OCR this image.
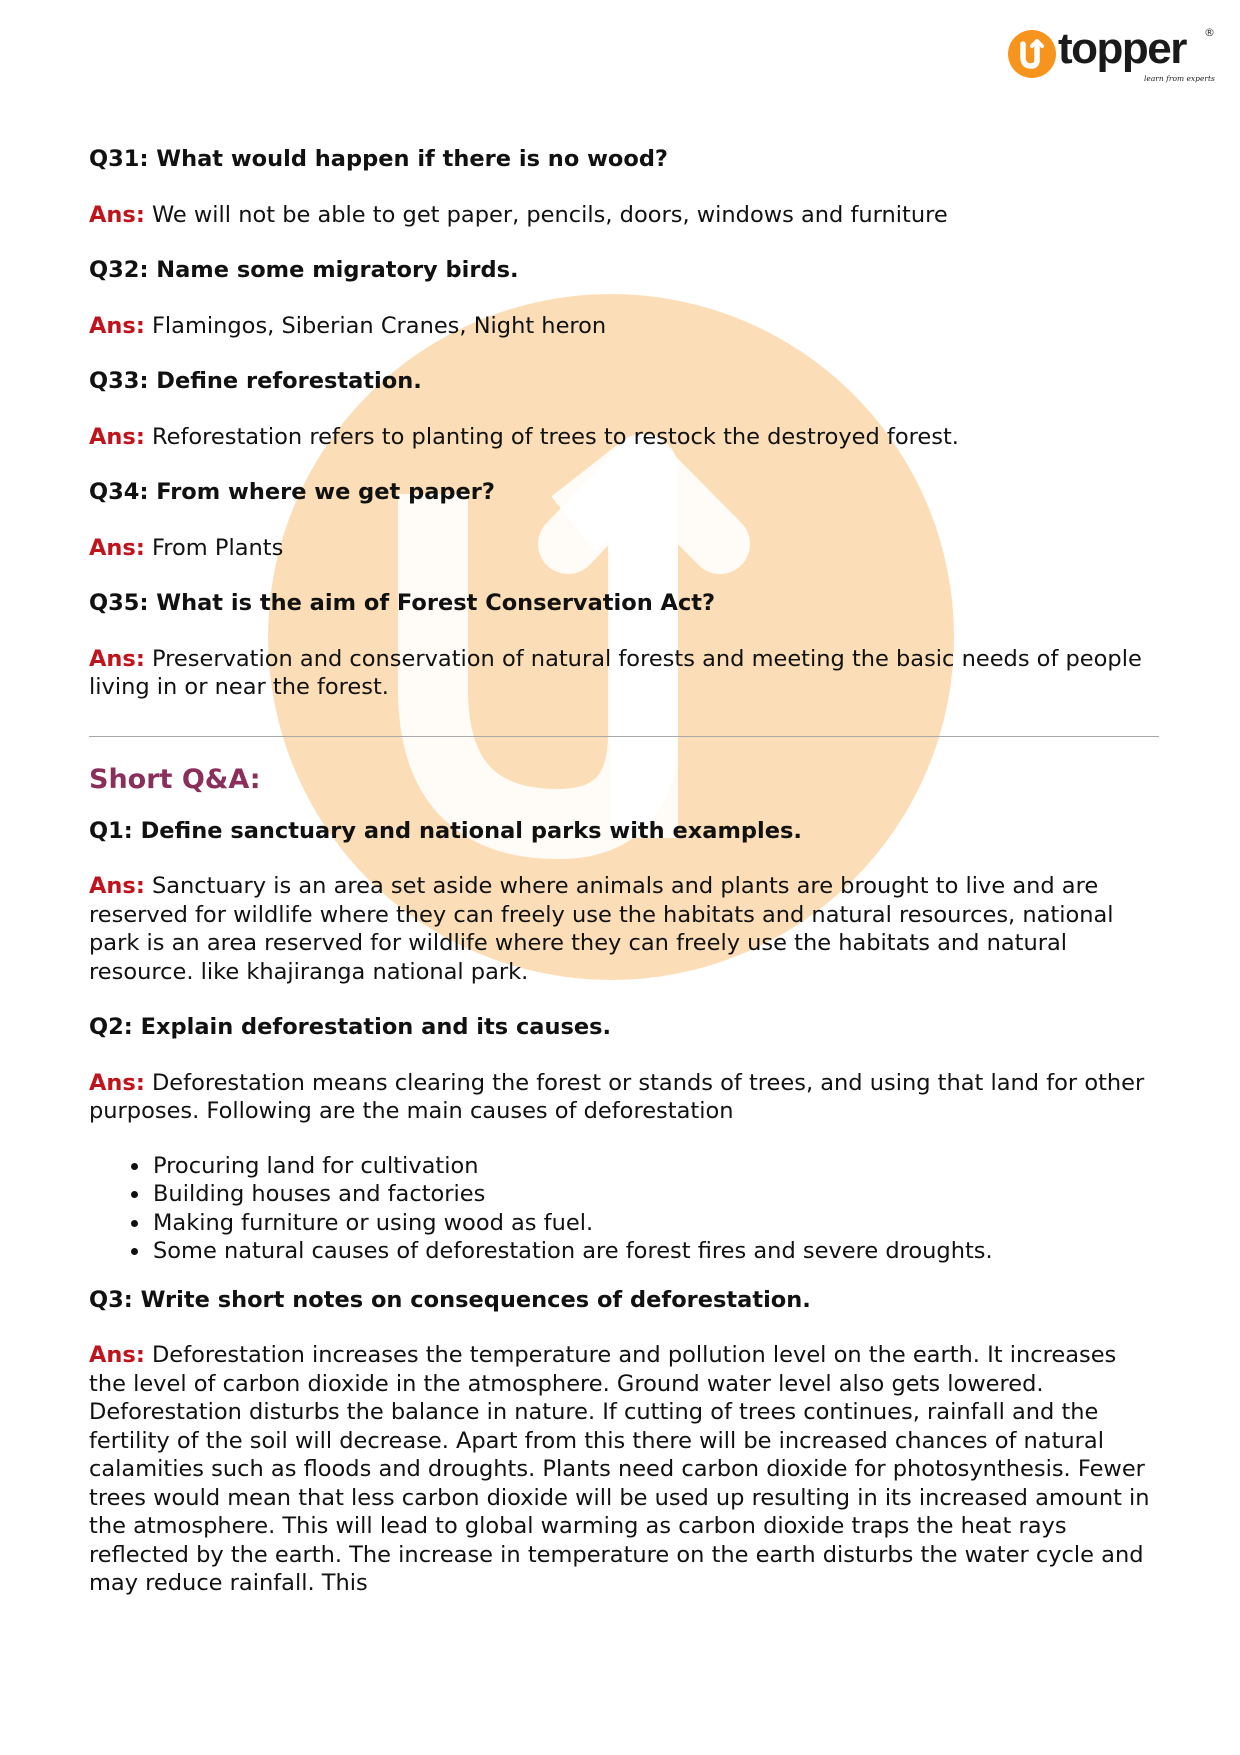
topper ®
learn from experts

Q31: What would happen if there is no wood?

Ans: We will not be able to get paper, pencils, doors, windows and furniture

Q32: Name some migratory birds.

Ans: Flamingos, Siberian Cranes, Night heron

Q33: Define reforestation.

Ans: Reforestation refers to planting of trees to restock the destroyed forest.

Q34: From where we get paper?

Ans: From Plants

Q35: What is the aim of Forest Conservation Act?

Ans: Preservation and conservation of natural forests and meeting the basic needs of people living in or near the forest.

Short Q&A:

Q1: Define sanctuary and national parks with examples.

Ans: Sanctuary is an area set aside where animals and plants are brought to live and are reserved for wildlife where they can freely use the habitats and natural resources, national park is an area reserved for wildlife where they can freely use the habitats and natural resource. like khajiranga national park.

Q2: Explain deforestation and its causes.

Ans: Deforestation means clearing the forest or stands of trees, and using that land for other purposes. Following are the main causes of deforestation

• Procuring land for cultivation
• Building houses and factories
• Making furniture or using wood as fuel.
• Some natural causes of deforestation are forest fires and severe droughts.

Q3: Write short notes on consequences of deforestation.

Ans: Deforestation increases the temperature and pollution level on the earth. It increases the level of carbon dioxide in the atmosphere. Ground water level also gets lowered. Deforestation disturbs the balance in nature. If cutting of trees continues, rainfall and the fertility of the soil will decrease. Apart from this there will be increased chances of natural calamities such as floods and droughts. Plants need carbon dioxide for photosynthesis. Fewer trees would mean that less carbon dioxide will be used up resulting in its increased amount in the atmosphere. This will lead to global warming as carbon dioxide traps the heat rays reflected by the earth. The increase in temperature on the earth disturbs the water cycle and may reduce rainfall. This
